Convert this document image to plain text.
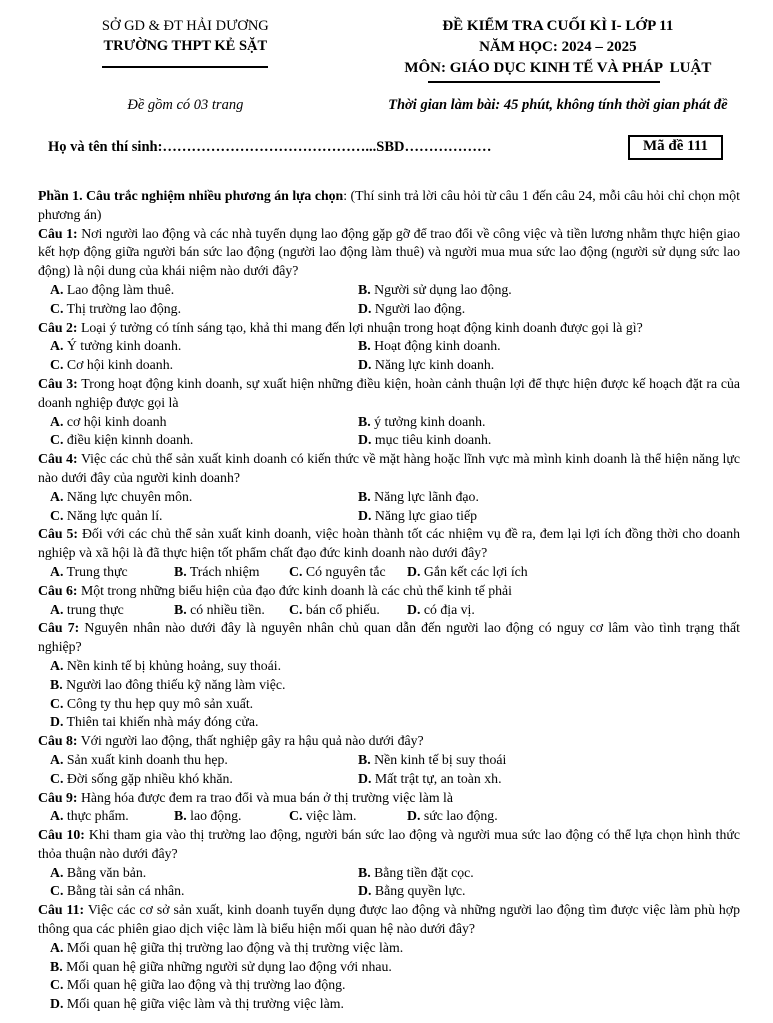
SỞ GD & ĐT HẢI DƯƠNG
TRƯỜNG THPT KẺ SẶT
ĐỀ KIỂM TRA CUỐI KÌ I- LỚP 11
NĂM HỌC: 2024 – 2025
MÔN: GIÁO DỤC KINH TẾ VÀ PHÁP  LUẬT
Đề gồm có 03 trang	Thời gian làm bài: 45 phút, không tính thời gian phát đề
Họ và tên thí sinh:……………………………………...SBD………………	Mã đề 111

Phần 1. Câu trắc nghiệm nhiều phương án lựa chọn: (Thí sinh trả lời câu hỏi từ câu 1 đến câu 24, mỗi câu hỏi chỉ chọn một phương án)

Câu 1: Nơi người lao động và các nhà tuyển dụng lao động gặp gỡ để trao đổi về công việc và tiền lương nhằm thực hiện giao kết hợp động giữa người bán sức lao động (người lao động làm thuê) và người mua mua sức lao động (người sử dụng sức lao động) là nội dung của khái niệm nào dưới đây?

A. Lao động làm thuê.	B. Người sử dụng lao động.
C. Thị trường lao động.	D. Người lao động.

Câu 2: Loại ý tưởng có tính sáng tạo, khả thi mang đến lợi nhuận trong hoạt động kinh doanh được gọi là gì?

A. Ý tưởng kinh doanh.	B. Hoạt động kinh doanh.
C. Cơ hội kinh doanh.	D. Năng lực kinh doanh.

Câu 3: Trong hoạt động kinh doanh, sự xuất hiện những điều kiện, hoàn cảnh thuận lợi để thực hiện được kế hoạch đặt ra của doanh nghiệp được gọi là

A. cơ hội kinh doanh	B. ý tưởng kinh doanh.
C. điều kiện kinnh doanh.	D. mục tiêu kinh doanh.

Câu 4: Việc các chủ thể sản xuất kinh doanh có kiến thức về mặt hàng hoặc lĩnh vực mà mình kinh doanh là thể hiện năng lực nào dưới đây của người kinh doanh?

A. Năng lực chuyên môn.	B. Năng lực lãnh đạo.
C. Năng lực quản lí.	D. Năng lực giao tiếp

Câu 5: Đối với các chủ thể sản xuất kinh doanh, việc hoàn thành tốt các nhiệm vụ đề ra, đem lại lợi ích đồng thời cho doanh nghiệp và xã hội là đã thực hiện tốt phẩm chất đạo đức kinh doanh nào dưới đây?

A. Trung thực	B. Trách nhiệm	C. Có nguyên tắc	D. Gắn kết các lợi ích

Câu 6: Một trong những biểu hiện của đạo đức kinh doanh là các chủ thể kinh tế phải

A. trung thực	B. có nhiều tiền.	C. bán cổ phiếu.	D. có địa vị.

Câu 7: Nguyên nhân nào dưới đây là nguyên nhân chủ quan dẫn đến người lao động có nguy cơ lâm vào tình trạng thất nghiệp?

A. Nền kinh tế bị khủng hoảng, suy thoái.
B. Người lao đông thiếu kỹ năng làm việc.
C. Công ty thu hẹp quy mô sản xuất.
D. Thiên tai khiến nhà máy đóng cửa.

Câu 8: Với người lao động, thất nghiệp gây ra hậu quả nào dưới đây?

A. Sản xuất kinh doanh thu hẹp.	B. Nền kinh tế bị suy thoái
C. Đời sống gặp nhiều khó khăn.	D. Mất trật tự, an toàn xh.

Câu 9: Hàng hóa được đem ra trao đổi và mua bán ở thị trường việc làm là

A. thực phẩm.	B. lao động.	C. việc làm.	D. sức lao động.

Câu 10: Khi tham gia vào thị trường lao động, người bán sức lao động và người mua sức lao động có thể lựa chọn hình thức thỏa thuận nào dưới đây?

A. Bằng văn bản.	B. Bằng tiền đặt cọc.
C. Bằng tài sản cá nhân.	D. Bằng quyền lực.

Câu 11: Việc các cơ sở sản xuất, kinh doanh tuyển dụng được lao động và những người lao động tìm được việc làm phù hợp thông qua các phiên giao dịch việc làm là biểu hiện mối quan hệ nào dưới đây?

A. Mối quan hệ giữa thị trường lao động và thị trường việc làm.
B. Mối quan hệ giữa những người sử dụng lao động với nhau.
C. Mối quan hệ giữa lao động và thị trường lao động.
D. Mối quan hệ giữa việc làm và thị trường việc làm.
